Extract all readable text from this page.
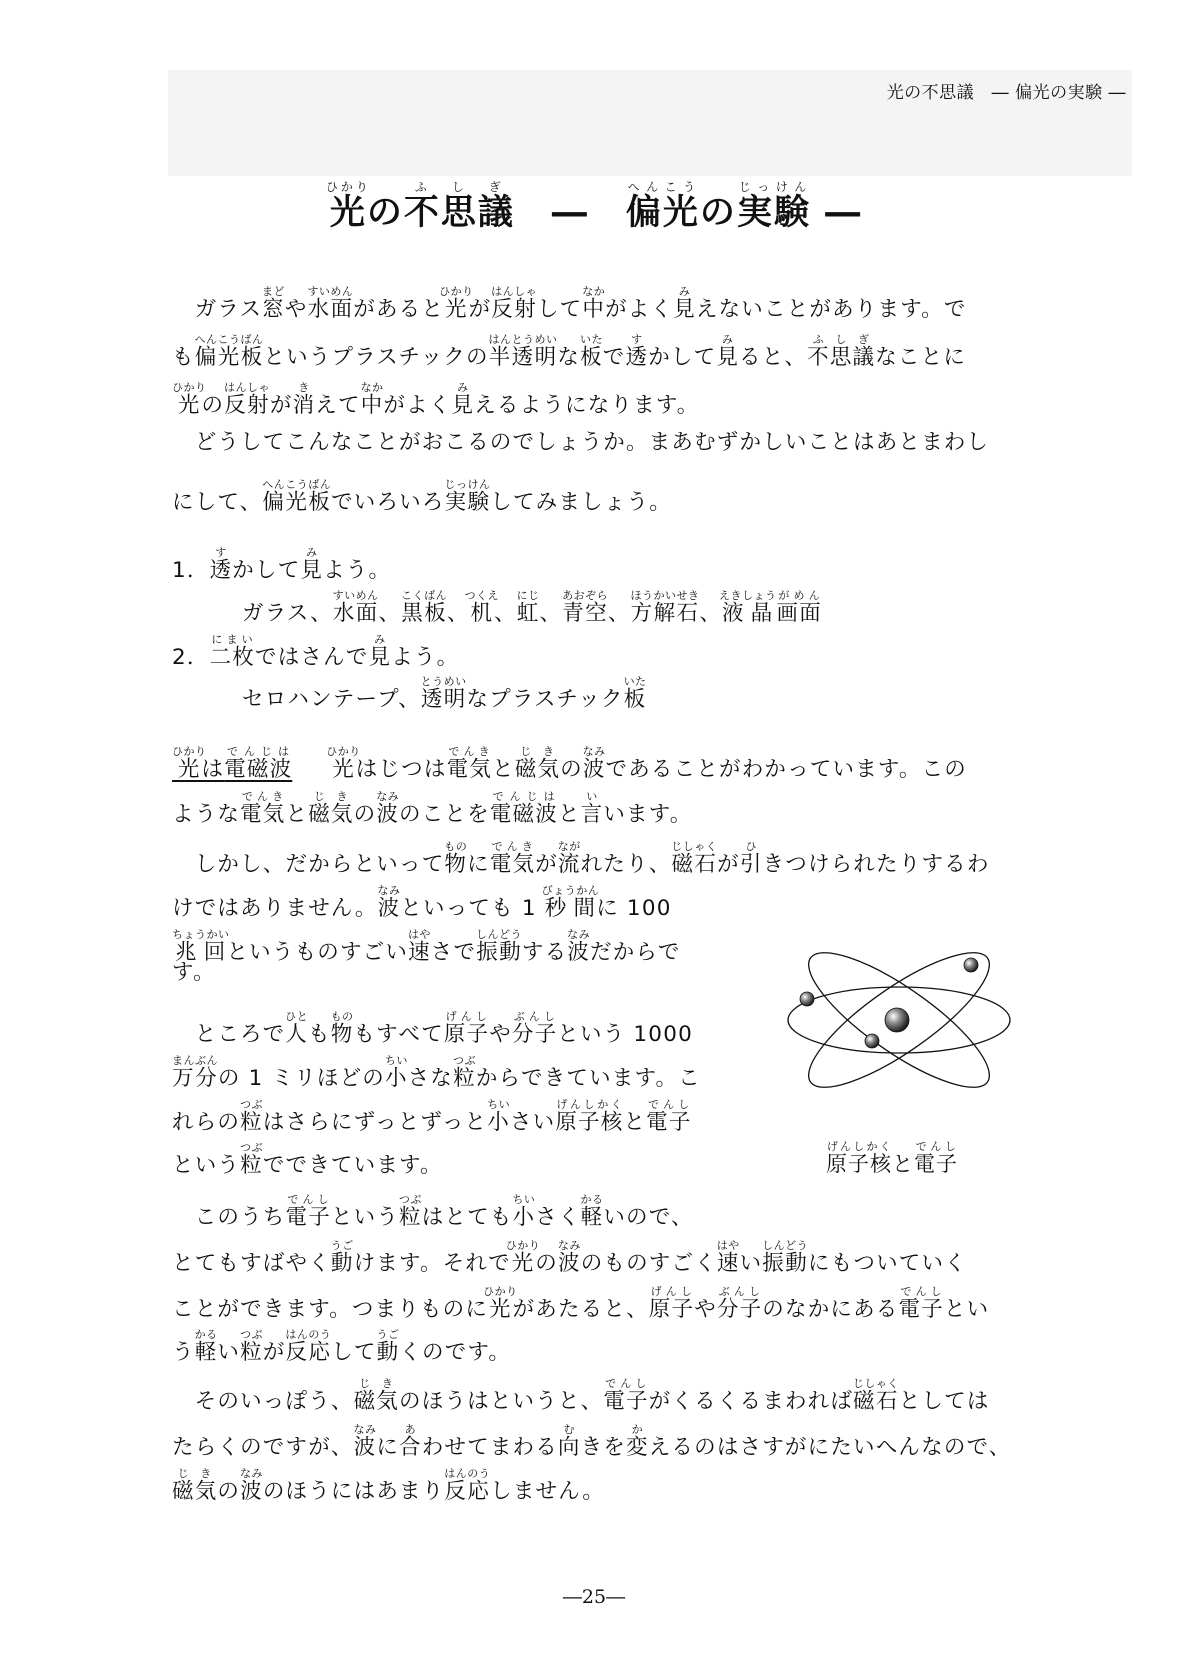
光の不思議　― 偏光の実験 ―
光ひかりの不思議ふしぎ　―　偏光へんこうの実験じっけん ―
　ガラス窓まどや水面すいめんがあると光ひかりが反射はんしゃして中なかがよく見みえないことがあります。で
も偏光板へんこうばんというプラスチックの半透明はんとうめいな板いたで透すかして見みると、不思議ふしぎなことに
光ひかりの反射はんしゃが消きえて中なかがよく見みえるようになります。
　どうしてこんなことがおこるのでしょうか。まあむずかしいことはあとまわし
にして、偏光板へんこうばんでいろいろ実験じっけんしてみましょう。
1．透すかして見みよう。
ガラス、水面すいめん、黒板こくばん、机つくえ、虹にじ、青空あおぞら、方解石ほうかいせき、液晶えきしょう画面がめん
2．二枚にまいではさんで見みよう。
セロハンテープ、透明とうめいなプラスチック板いた
光ひかりは電磁波でんじは光ひかりはじつは電気でんきと磁気じきの波なみであることがわかっています。この
ような電気でんきと磁気じきの波なみのことを電磁波でんじはと言いいます。
　しかし、だからといって物ものに電気でんきが流ながれたり、磁石じしゃくが引ひきつけられたりするわ
けではありません。波なみといっても 1 秒間びょうかんに 100
兆回ちょうかいというものすごい速はやさで振動しんどうする波なみだからで
す。
　ところで人ひとも物ものもすべて原子げんしや分子ぶんしという 1000
万分まんぶんの 1 ミリほどの小ちいさな粒つぶからできています。こ
れらの粒つぶはさらにずっとずっと小ちいさい原子核げんしかくと電子でんし
という粒つぶでできています。
　このうち電子でんしという粒つぶはとても小ちいさく軽かるいので、
とてもすばやく動うごけます。それで光ひかりの波なみのものすごく速はやい振動しんどうにもついていく
ことができます。つまりものに光ひかりがあたると、原子げんしや分子ぶんしのなかにある電子でんしとい
う軽かるい粒つぶが反応はんのうして動うごくのです。
　そのいっぽう、磁気じきのほうはというと、電子でんしがくるくるまわれば磁石じしゃくとしては
たらくのですが、波なみに合あわせてまわる向むきを変かえるのはさすがにたいへんなので、
磁気じきの波なみのほうにはあまり反応はんのうしません。
原子核げんしかくと電子でんし
―25―
